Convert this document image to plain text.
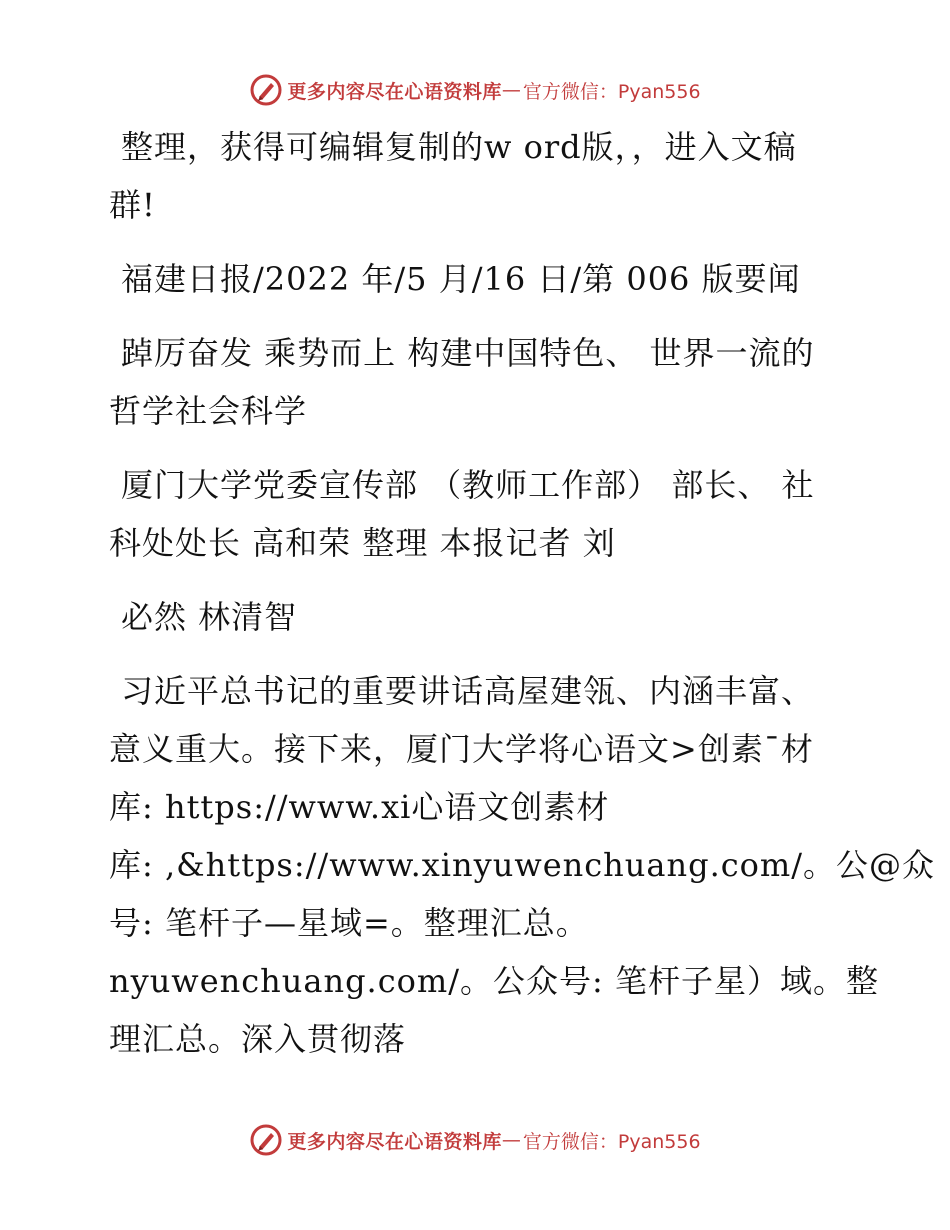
更多内容尽在心语资料库 — 官方微信：Pyan556
整理，获得可编辑复制的w ord版，，进入文稿
群!
福建日报/2022 年/5 月/16 日/第 006 版要闻
踔厉奋发 乘势而上 构建中国特色、 世界一流的
哲学社会科学
厦门大学党委宣传部 （教师工作部） 部长、 社
科处处长 高和荣 整理 本报记者 刘
必然 林清智
习近平总书记的重要讲话高屋建瓴、内涵丰富、
意义重大。接下来，厦门大学将心语文>创素¯材
库: https://www.xi心语文创素材
库: ,&https://www.xinyuwenchuang.com/。公@众
号: 笔杆子—星域=。整理汇总。
nyuwenchuang.com/。公众号: 笔杆子星）域。整
理汇总。深入贯彻落
更多内容尽在心语资料库 — 官方微信：Pyan556
